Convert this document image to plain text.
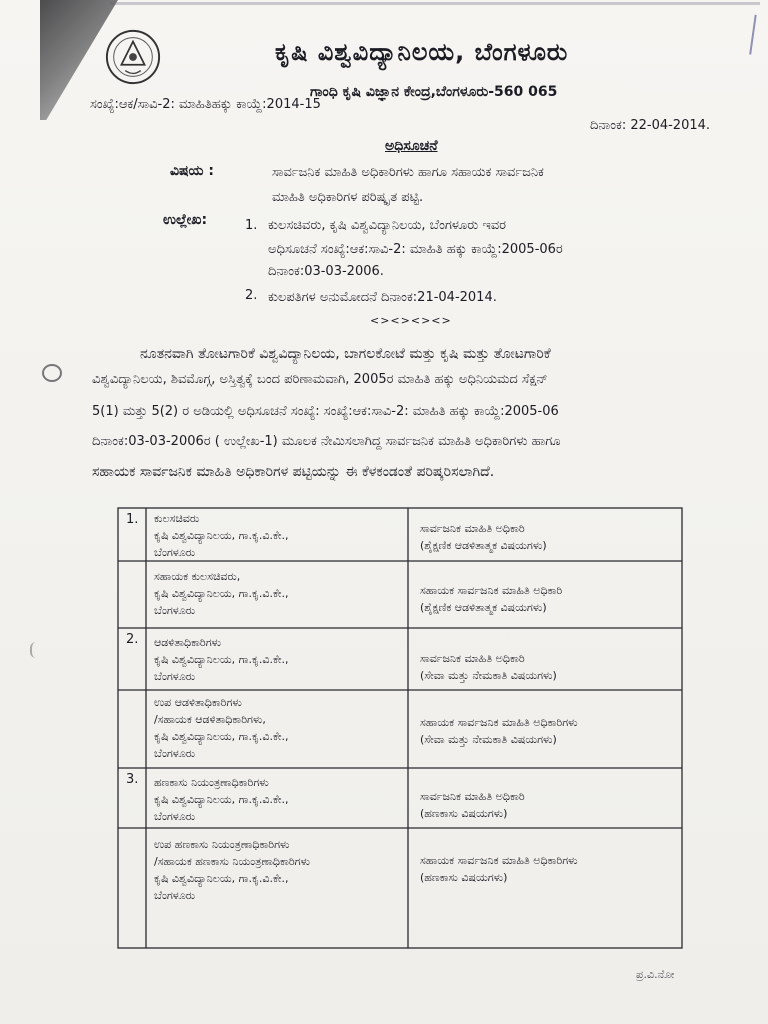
ಕೃಷಿ ವಿಶ್ವವಿದ್ಯಾನಿಲಯ, ಬೆಂಗಳೂರು
ಗಾಂಧಿ ಕೃಷಿ ವಿಜ್ಞಾನ ಕೇಂದ್ರ,ಬೆಂಗಳೂರು-560 065
ಸಂಖ್ಯೆ:ಆಕ/ಸಾವಿ-2: ಮಾಹಿತಿಹಕ್ಕು ಕಾಯ್ದೆ:2014-15
ದಿನಾಂಕ: 22-04-2014.
ಅಧಿಸೂಚನೆ
ವಿಷಯ :	ಸಾರ್ವಜನಿಕ ಮಾಹಿತಿ ಅಧಿಕಾರಿಗಳು ಹಾಗೂ ಸಹಾಯಕ ಸಾರ್ವಜನಿಕ
ಮಾಹಿತಿ ಅಧಿಕಾರಿಗಳ ಪರಿಷ್ಕೃತ ಪಟ್ಟಿ.
ಉಲ್ಲೇಖ:	1. ಕುಲಸಚಿವರು, ಕೃಷಿ ವಿಶ್ವವಿದ್ಯಾನಿಲಯ, ಬೆಂಗಳೂರು ಇವರ
ಅಧಿಸೂಚನೆ ಸಂಖ್ಯೆ:ಆಕ:ಸಾವಿ-2: ಮಾಹಿತಿ ಹಕ್ಕು ಕಾಯ್ದೆ:2005-06ರ
ದಿನಾಂಕ:03-03-2006.
2. ಕುಲಪತಿಗಳ ಅನುಮೋದನೆ ದಿನಾಂಕ:21-04-2014.
<><><><>
ನೂತನವಾಗಿ ತೋಟಗಾರಿಕೆ ವಿಶ್ವವಿದ್ಯಾನಿಲಯ, ಬಾಗಲಕೋಟೆ ಮತ್ತು ಕೃಷಿ ಮತ್ತು ತೋಟಗಾರಿಕೆ
ವಿಶ್ವವಿದ್ಯಾನಿಲಯ, ಶಿವಮೊಗ್ಗ, ಅಸ್ತಿತ್ವಕ್ಕೆ ಬಂದ ಪರಿಣಾಮವಾಗಿ, 2005ರ ಮಾಹಿತಿ ಹಕ್ಕು ಅಧಿನಿಯಮದ ಸೆಕ್ಷನ್
5(1) ಮತ್ತು 5(2) ರ ಅಡಿಯಲ್ಲಿ ಅಧಿಸೂಚನೆ ಸಂಖ್ಯೆ: ಸಂಖ್ಯೆ:ಆಕ:ಸಾವಿ-2: ಮಾಹಿತಿ ಹಕ್ಕು ಕಾಯ್ದೆ:2005-06
ದಿನಾಂಕ:03-03-2006ರ ( ಉಲ್ಲೇಖ-1) ಮೂಲಕ ನೇಮಿಸಲಾಗಿದ್ದ ಸಾರ್ವಜನಿಕ ಮಾಹಿತಿ ಅಧಿಕಾರಿಗಳು ಹಾಗೂ
ಸಹಾಯಕ ಸಾರ್ವಜನಿಕ ಮಾಹಿತಿ ಅಧಿಕಾರಿಗಳ ಪಟ್ಟಿಯನ್ನು ಈ ಕೆಳಕಂಡಂತೆ ಪರಿಷ್ಕರಿಸಲಾಗಿದೆ.
1. ಕುಲಸಚಿವರು
ಕೃಷಿ ವಿಶ್ವವಿದ್ಯಾನಿಲಯ, ಗಾ.ಕೃ.ವಿ.ಕೇ.,
ಬೆಂಗಳೂರು
ಸಾರ್ವಜನಿಕ ಮಾಹಿತಿ ಅಧಿಕಾರಿ
(ಶೈಕ್ಷಣಿಕ ಆಡಳಿತಾತ್ಮಕ ವಿಷಯಗಳು)
ಸಹಾಯಕ ಕುಲಸಚಿವರು,
ಕೃಷಿ ವಿಶ್ವವಿದ್ಯಾನಿಲಯ, ಗಾ.ಕೃ.ವಿ.ಕೇ.,
ಬೆಂಗಳೂರು
ಸಹಾಯಕ ಸಾರ್ವಜನಿಕ ಮಾಹಿತಿ ಅಧಿಕಾರಿ
(ಶೈಕ್ಷಣಿಕ ಆಡಳಿತಾತ್ಮಕ ವಿಷಯಗಳು)
2. ಆಡಳಿತಾಧಿಕಾರಿಗಳು
ಕೃಷಿ ವಿಶ್ವವಿದ್ಯಾನಿಲಯ, ಗಾ.ಕೃ.ವಿ.ಕೇ.,
ಬೆಂಗಳೂರು
ಸಾರ್ವಜನಿಕ ಮಾಹಿತಿ ಅಧಿಕಾರಿ
(ಸೇವಾ ಮತ್ತು ನೇಮಕಾತಿ ವಿಷಯಗಳು)
ಉಪ ಆಡಳಿತಾಧಿಕಾರಿಗಳು
/ಸಹಾಯಕ ಆಡಳಿತಾಧಿಕಾರಿಗಳು,
ಕೃಷಿ ವಿಶ್ವವಿದ್ಯಾನಿಲಯ, ಗಾ.ಕೃ.ವಿ.ಕೇ.,
ಬೆಂಗಳೂರು
ಸಹಾಯಕ ಸಾರ್ವಜನಿಕ ಮಾಹಿತಿ ಅಧಿಕಾರಿಗಳು
(ಸೇವಾ ಮತ್ತು ನೇಮಕಾತಿ ವಿಷಯಗಳು)
3. ಹಣಕಾಸು ನಿಯಂತ್ರಣಾಧಿಕಾರಿಗಳು
ಕೃಷಿ ವಿಶ್ವವಿದ್ಯಾನಿಲಯ, ಗಾ.ಕೃ.ವಿ.ಕೇ.,
ಬೆಂಗಳೂರು
ಸಾರ್ವಜನಿಕ ಮಾಹಿತಿ ಅಧಿಕಾರಿ
(ಹಣಕಾಸು ವಿಷಯಗಳು)
ಉಪ ಹಣಕಾಸು ನಿಯಂತ್ರಣಾಧಿಕಾರಿಗಳು
/ಸಹಾಯಕ ಹಣಕಾಸು ನಿಯಂತ್ರಣಾಧಿಕಾರಿಗಳು
ಕೃಷಿ ವಿಶ್ವವಿದ್ಯಾನಿಲಯ, ಗಾ.ಕೃ.ವಿ.ಕೇ.,
ಬೆಂಗಳೂರು
ಸಹಾಯಕ ಸಾರ್ವಜನಿಕ ಮಾಹಿತಿ ಅಧಿಕಾರಿಗಳು
(ಹಣಕಾಸು ವಿಷಯಗಳು)
ಪ್ರ.ವಿ.ನೋ
